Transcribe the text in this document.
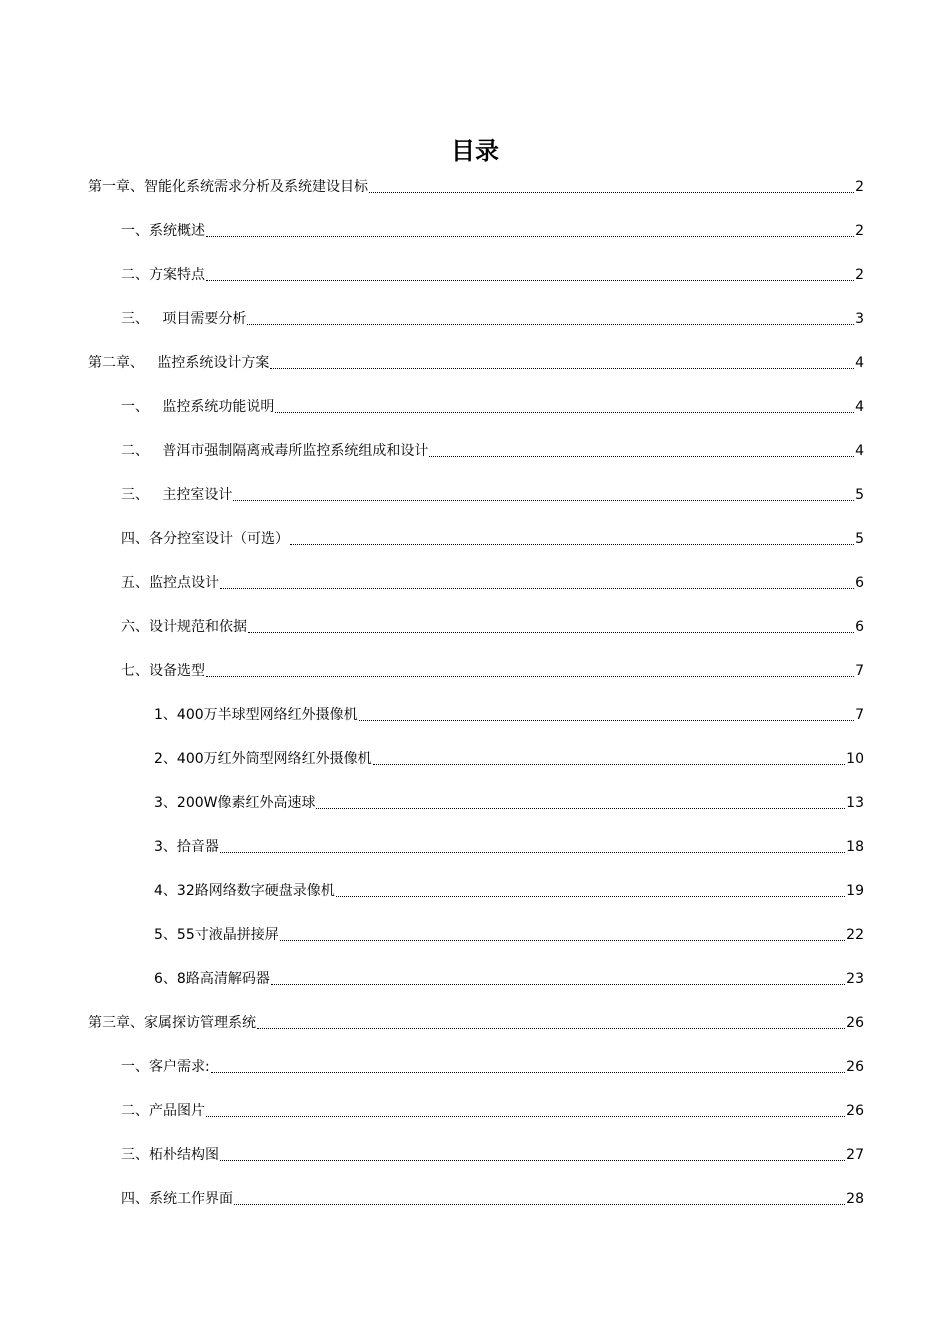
目录
第一章、智能化系统需求分析及系统建设目标	2
一、系统概述	2
二、方案特点	2
三、   项目需要分析	3
第二章、   监控系统设计方案	4
一、   监控系统功能说明	4
二、   普洱市强制隔离戒毒所监控系统组成和设计	4
三、   主控室设计	5
四、各分控室设计（可选）	5
五、监控点设计	6
六、设计规范和依据	6
七、设备选型	7
1、400万半球型网络红外摄像机	7
2、400万红外筒型网络红外摄像机	10
3、200W像素红外高速球	13
3、拾音器	18
4、32路网络数字硬盘录像机	19
5、55寸液晶拼接屏	22
6、8路高清解码器	23
第三章、家属探访管理系统	26
一、客户需求:	26
二、产品图片	26
三、柘朴结构图	27
四、系统工作界面	28
